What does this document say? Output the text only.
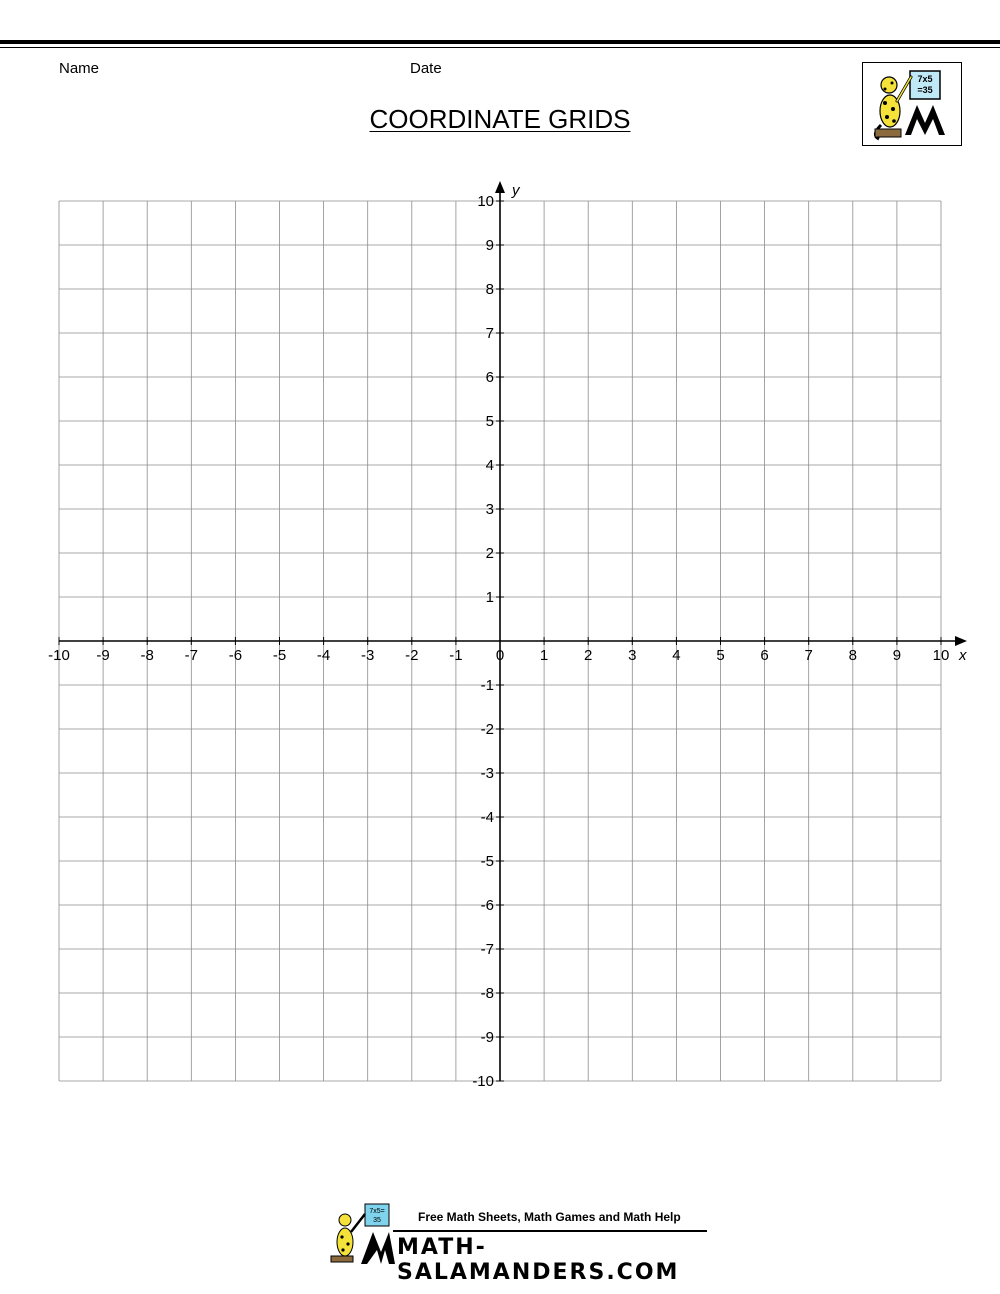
Name	Date
COORDINATE GRIDS
7x5
=35
-10 -9 -8 -7 -6 -5 -4 -3 -2 -1 0 1 2 3 4 5 6 7 8 9 10
-10
-9
-8
-7
-6
-5
-4
-3
-2
-1
1
2
3
4
5
6
7
8
9
10
x
y
7x5=
35	Free Math Sheets, Math Games and Math Help
MATH-SALAMANDERS.COM
